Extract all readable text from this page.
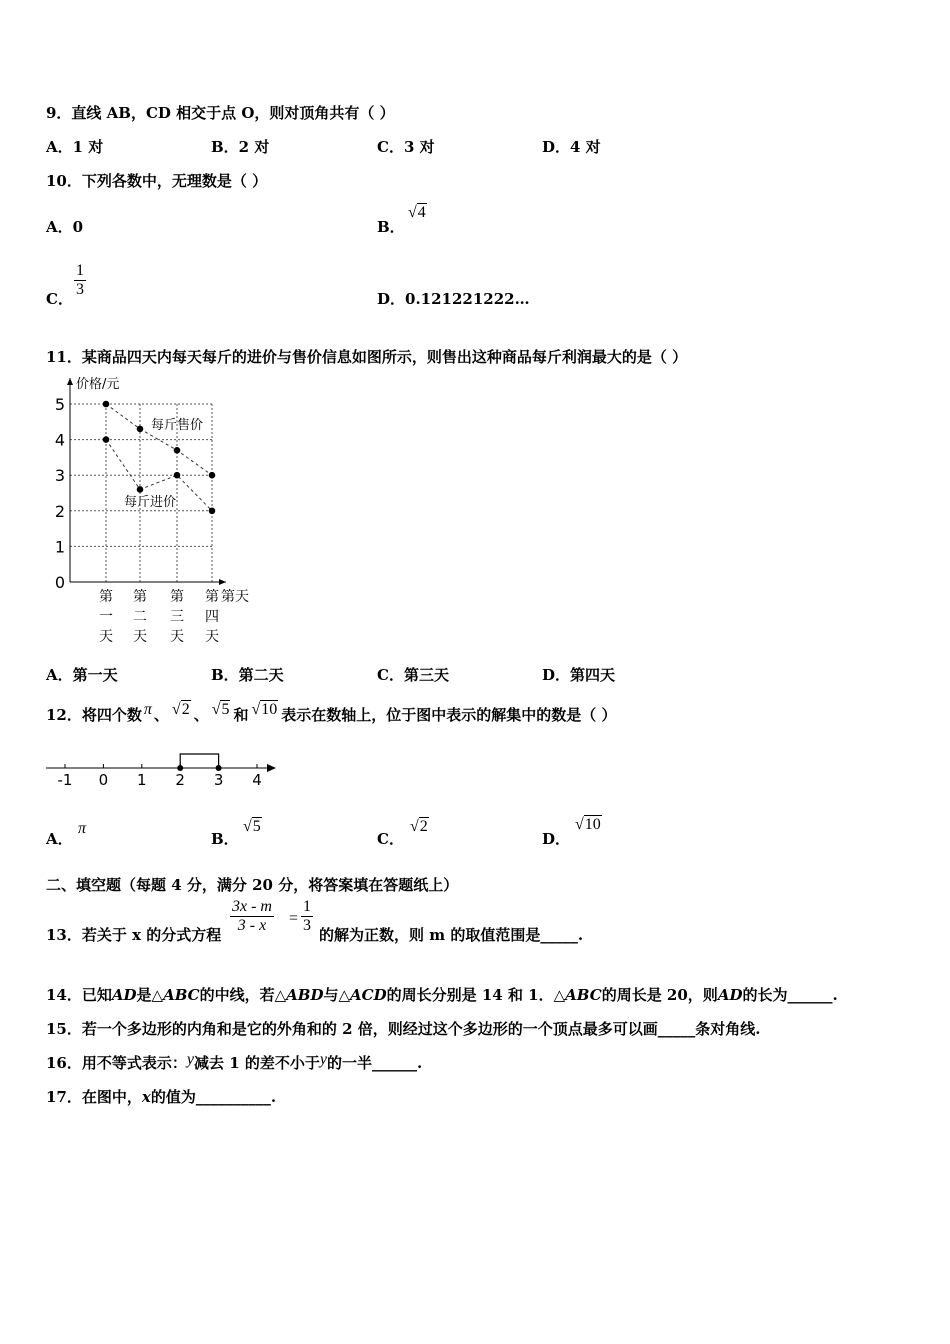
9．直线 AB，CD 相交于点 O，则对顶角共有（ ）
A．1 对	B．2 对	C．3 对	D．4 对
10．下列各数中，无理数是（ ）
A．0	B．
√4
C． $\frac{1}{3}$	D．0.121221222…
11．某商品四天内每天每斤的进价与售价信息如图所示，则售出这种商品每斤利润最大的是（ ）
0
1
2
3
4
5
价格/元
第
一
天
第
二
天
第
三
天
第
四
天
第天
每斤售价
每斤进价
A．第一天	B．第二天	C．第三天	D．第四天
12．将四个数 π 、 √2 、 √5 和 √10 表示在数轴上，位于图中表示的解集中的数是（ ）
-1 0 1 2 3 4
A．
π
B．
√5
C．
√2
D．
√10
二、填空题（每题 4 分，满分 20 分，将答案填在答题纸上）
13．若关于 x 的分式方程 $\frac{3x - m}{3 - x} = \frac{1}{3}$ 的解为正数，则 m 的取值范围是_____.
14．已知AD是△ABC的中线，若△ABD与△ACD的周长分别是 14 和 1．△ABC的周长是 20，则AD的长为______.
15．若一个多边形的内角和是它的外角和的 2 倍，则经过这个多边形的一个顶点最多可以画_____条对角线.
16．用不等式表示：y减去 1 的差不小于y的一半______.
17．在图中，x的值为__________.
